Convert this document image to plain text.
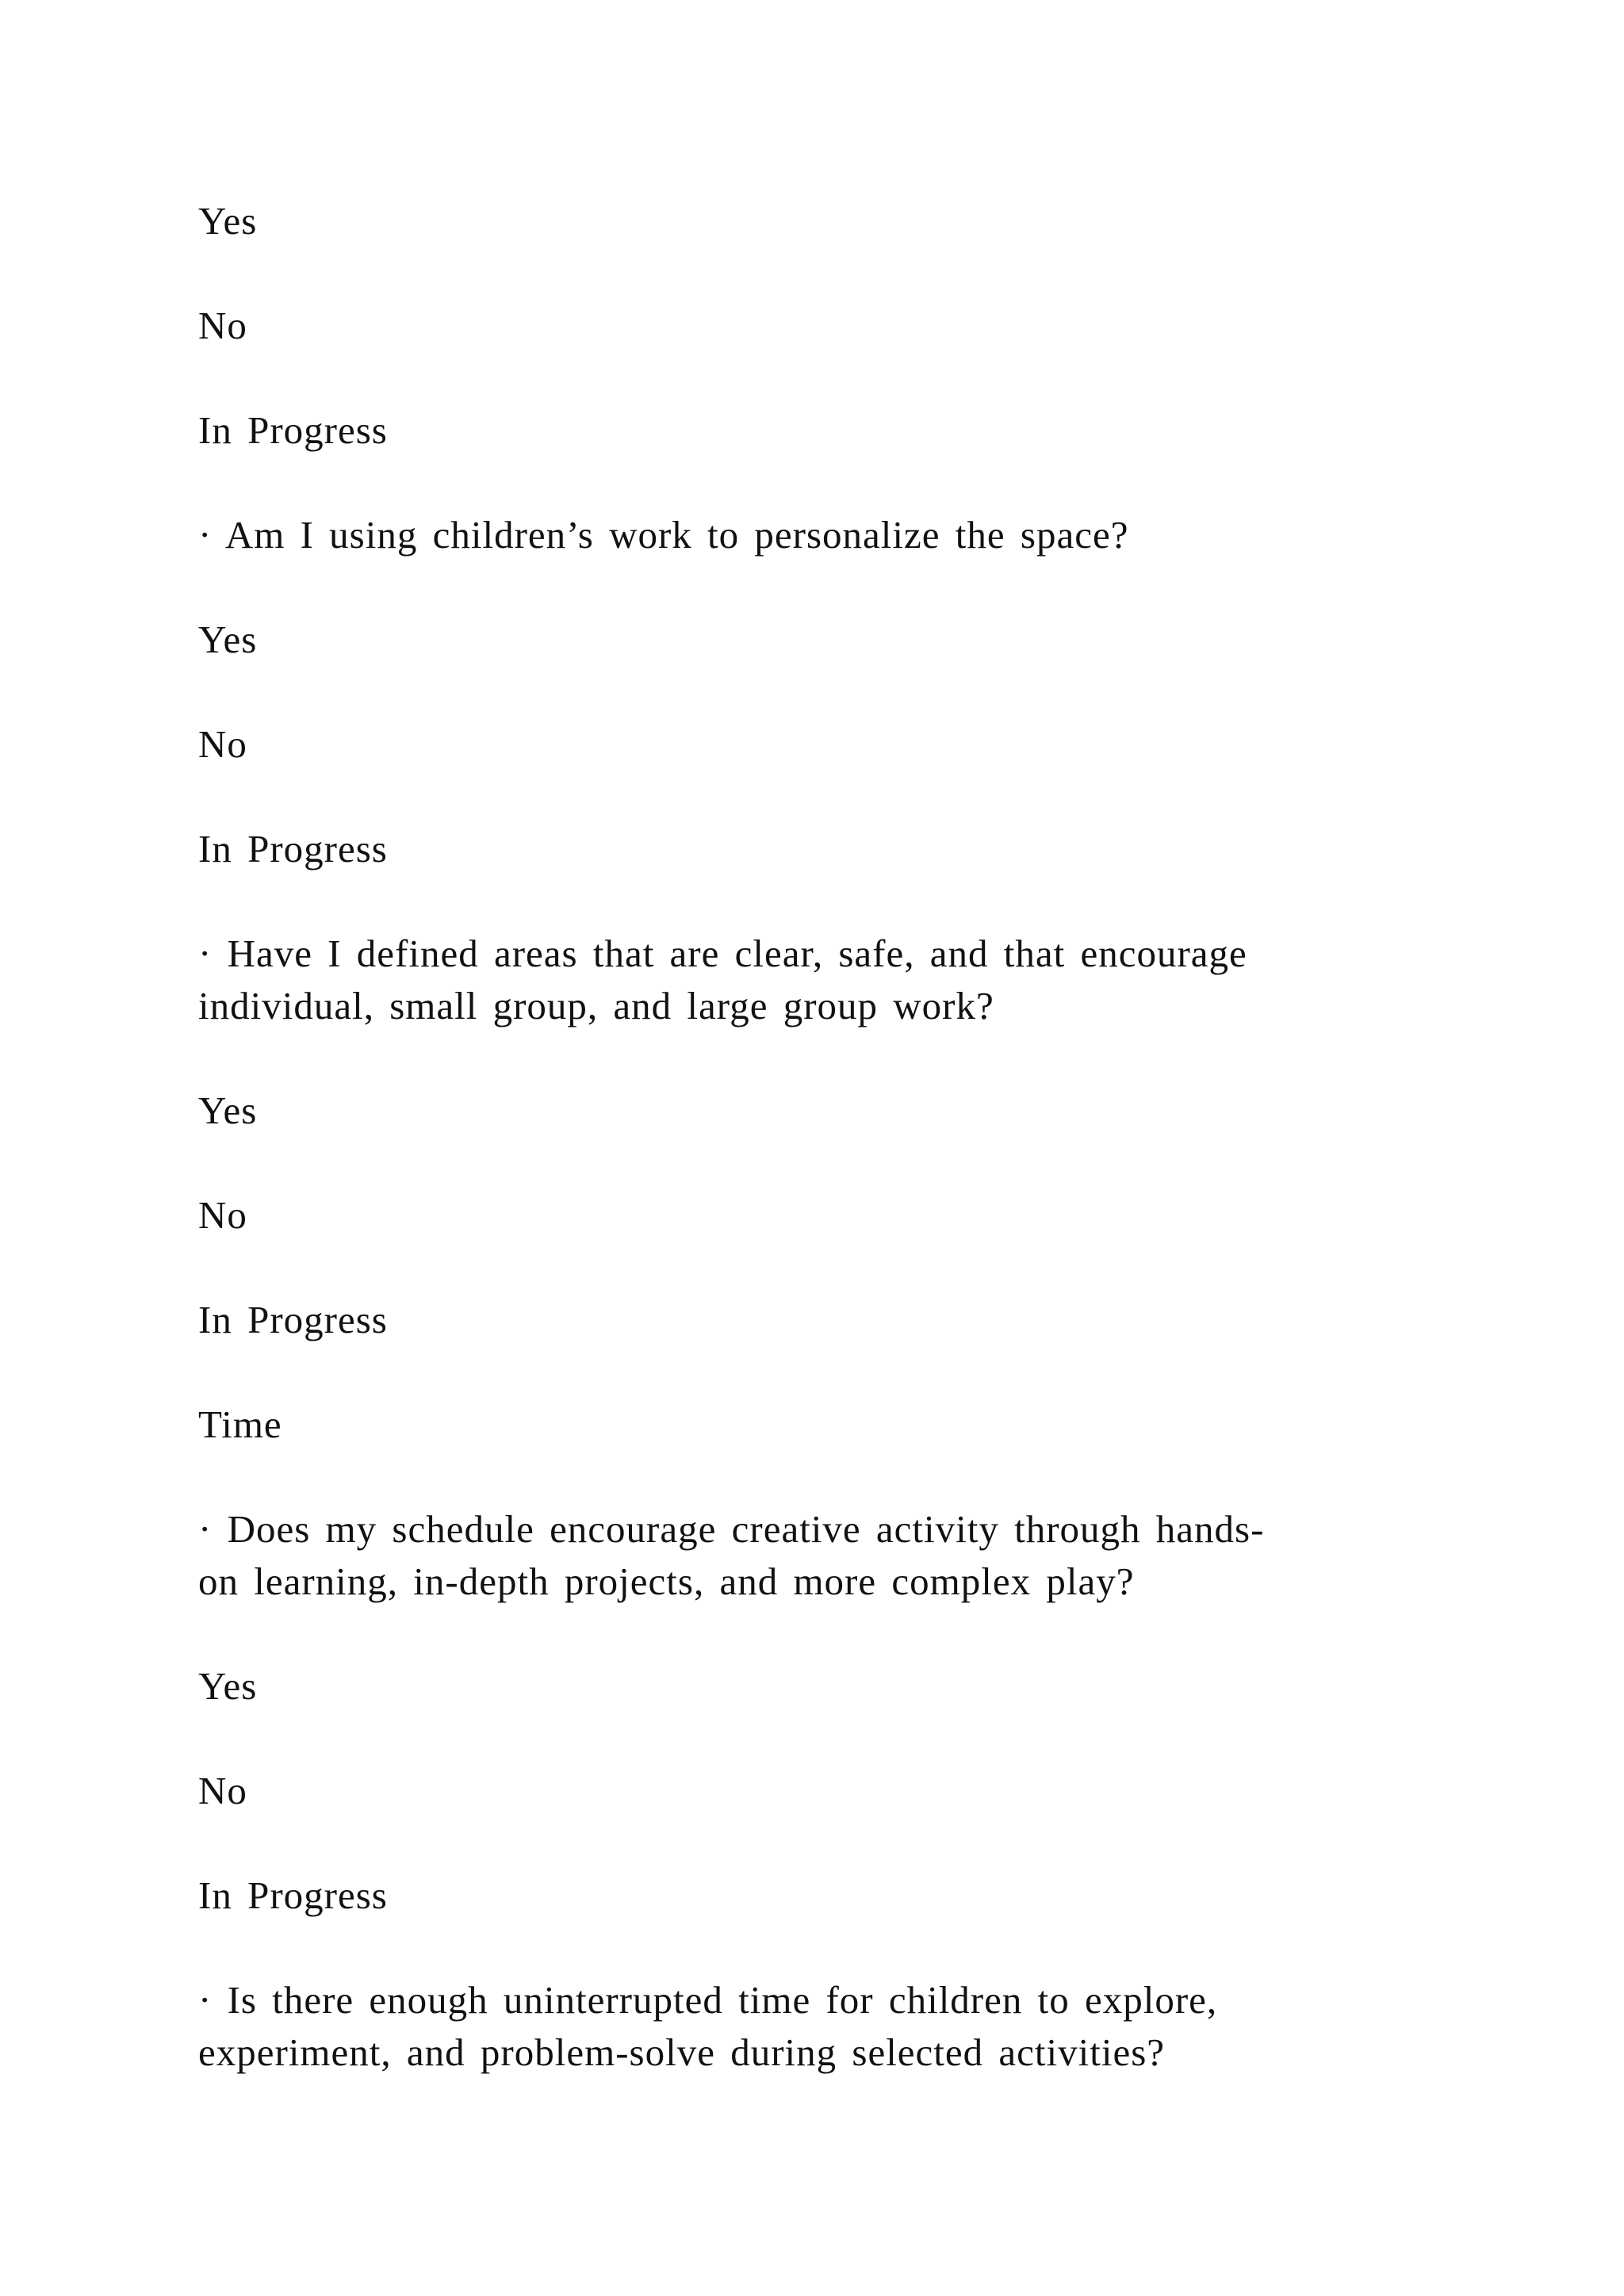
Yes

No

In Progress

· Am I using children’s work to personalize the space?

Yes

No

In Progress

· Have I defined areas that are clear, safe, and that encourage

individual, small group, and large group work?

Yes

No

In Progress

Time

· Does my schedule encourage creative activity through hands-

on learning, in-depth projects, and more complex play?

Yes

No

In Progress

· Is there enough uninterrupted time for children to explore,

experiment, and problem-solve during selected activities?
